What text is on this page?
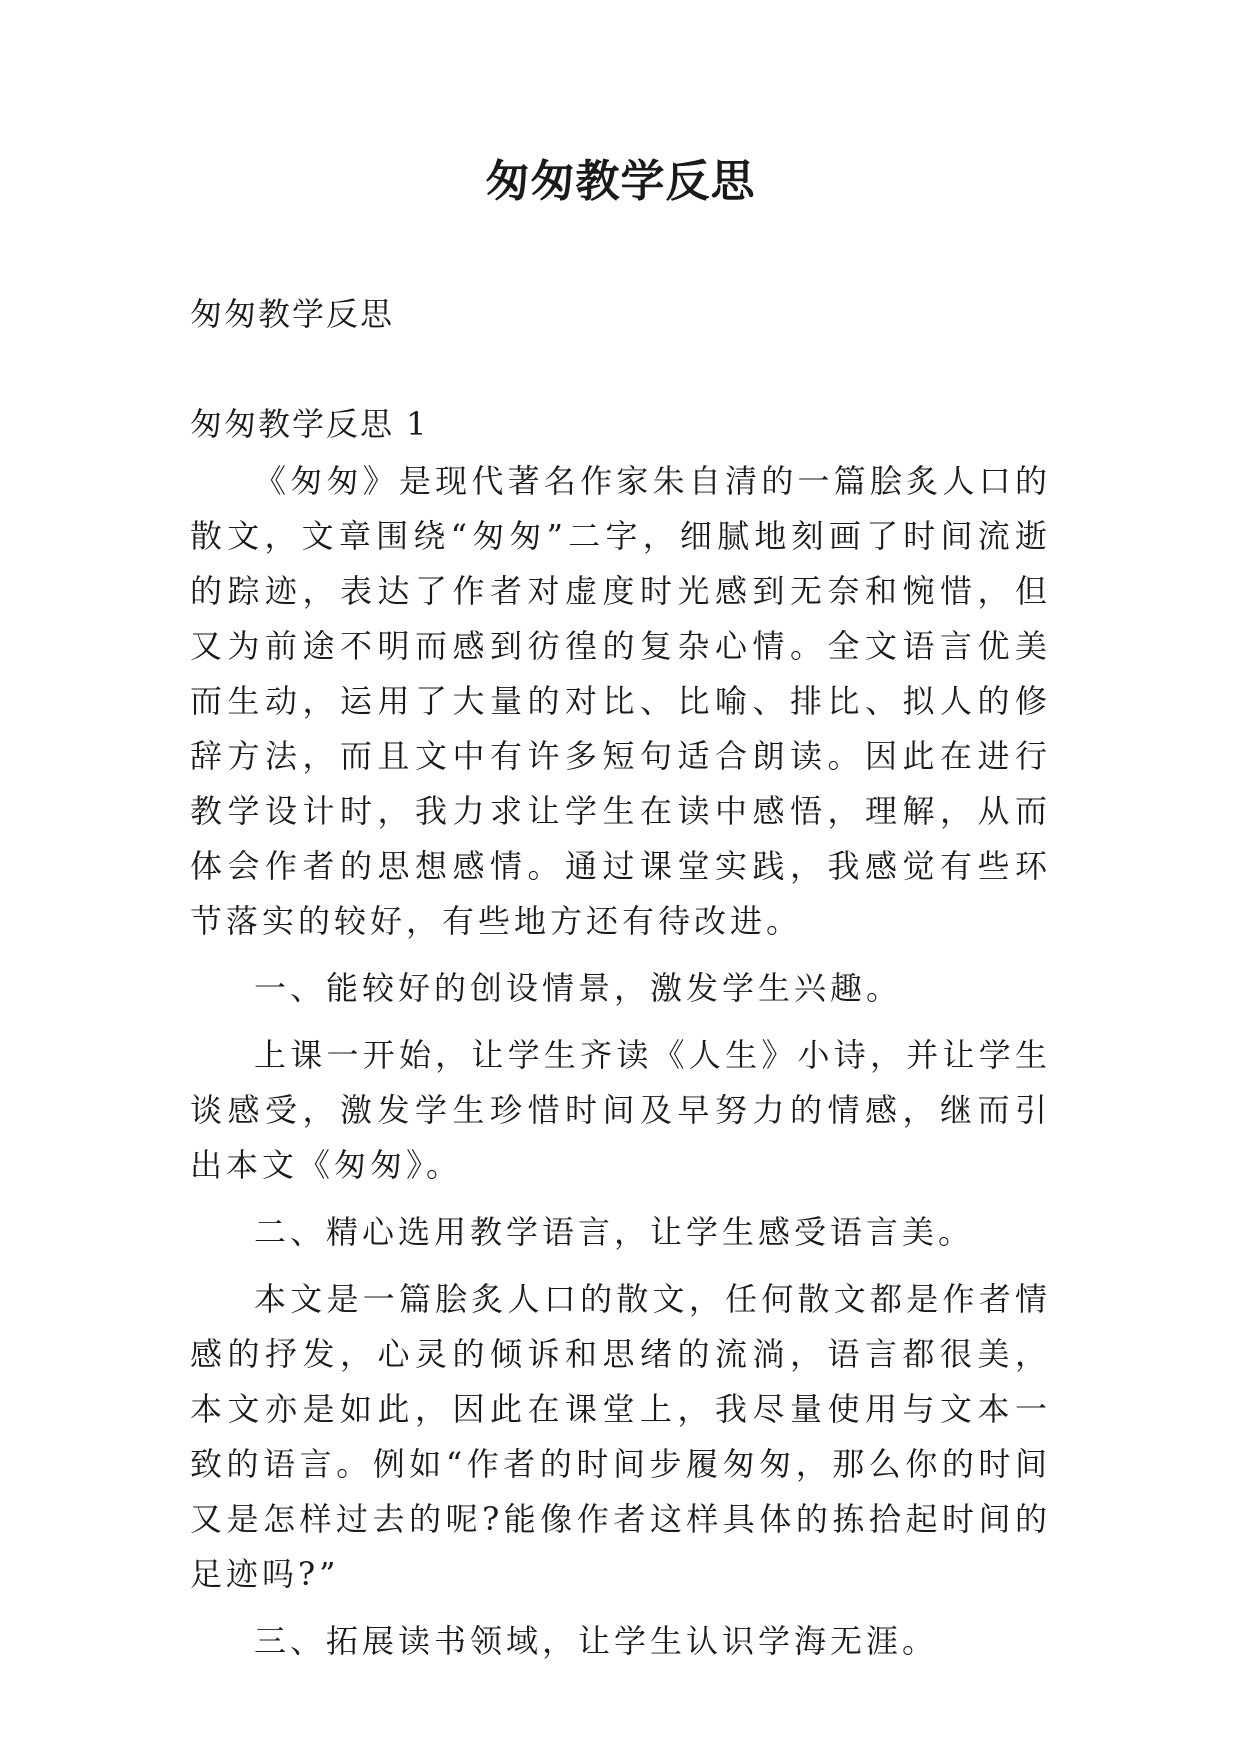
匆匆教学反思

匆匆教学反思

匆匆教学反思 1

《匆匆》是现代著名作家朱自清的一篇脍炙人口的散文，文章围绕“匆匆”二字，细腻地刻画了时间流逝的踪迹，表达了作者对虚度时光感到无奈和惋惜，但又为前途不明而感到彷徨的复杂心情。全文语言优美而生动，运用了大量的对比、比喻、排比、拟人的修辞方法，而且文中有许多短句适合朗读。因此在进行教学设计时，我力求让学生在读中感悟，理解，从而体会作者的思想感情。通过课堂实践，我感觉有些环节落实的较好，有些地方还有待改进。

一、能较好的创设情景，激发学生兴趣。

上课一开始，让学生齐读《人生》小诗，并让学生谈感受，激发学生珍惜时间及早努力的情感，继而引出本文《匆匆》。

二、精心选用教学语言，让学生感受语言美。

本文是一篇脍炙人口的散文，任何散文都是作者情感的抒发，心灵的倾诉和思绪的流淌，语言都很美，本文亦是如此，因此在课堂上，我尽量使用与文本一致的语言。例如“作者的时间步履匆匆，那么你的时间又是怎样过去的呢?能像作者这样具体的拣拾起时间的足迹吗?”

三、拓展读书领域，让学生认识学海无涯。
